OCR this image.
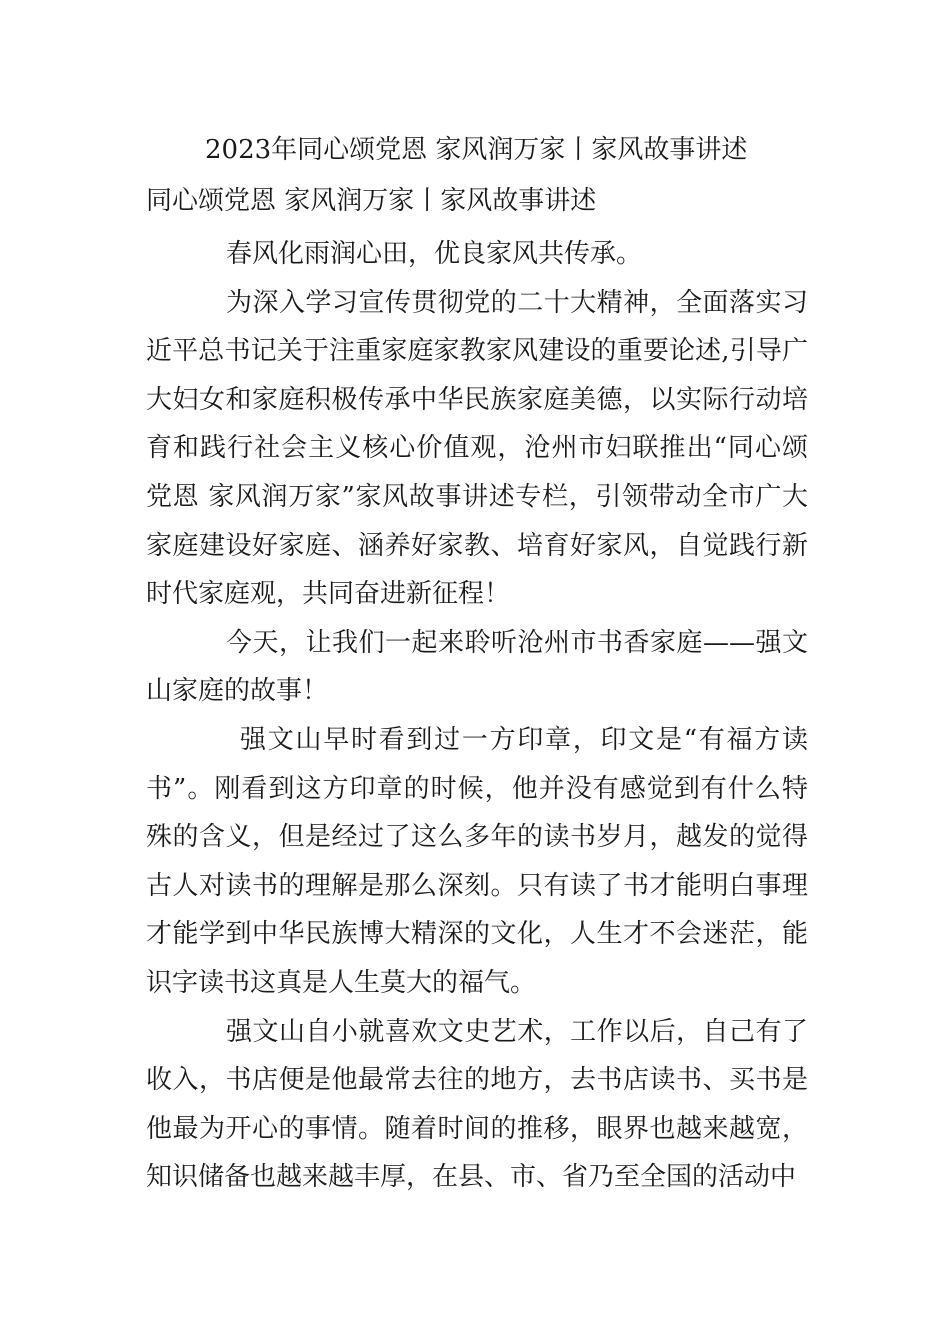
2023年同心颂党恩 家风润万家丨家风故事讲述
同心颂党恩 家风润万家丨家风故事讲述

春风化雨润心田，优良家风共传承。

为深入学习宣传贯彻党的二十大精神，全面落实习近平总书记关于注重家庭家教家风建设的重要论述,引导广大妇女和家庭积极传承中华民族家庭美德，以实际行动培育和践行社会主义核心价值观，沧州市妇联推出“同心颂党恩 家风润万家”家风故事讲述专栏，引领带动全市广大家庭建设好家庭、涵养好家教、培育好家风，自觉践行新时代家庭观，共同奋进新征程！

今天，让我们一起来聆听沧州市书香家庭——强文山家庭的故事！

强文山早时看到过一方印章，印文是“有福方读书”。刚看到这方印章的时候，他并没有感觉到有什么特殊的含义，但是经过了这么多年的读书岁月，越发的觉得古人对读书的理解是那么深刻。只有读了书才能明白事理才能学到中华民族博大精深的文化，人生才不会迷茫，能识字读书这真是人生莫大的福气。

强文山自小就喜欢文史艺术，工作以后，自己有了收入，书店便是他最常去往的地方，去书店读书、买书是他最为开心的事情。随着时间的推移，眼界也越来越宽，知识储备也越来越丰厚，在县、市、省乃至全国的活动中
